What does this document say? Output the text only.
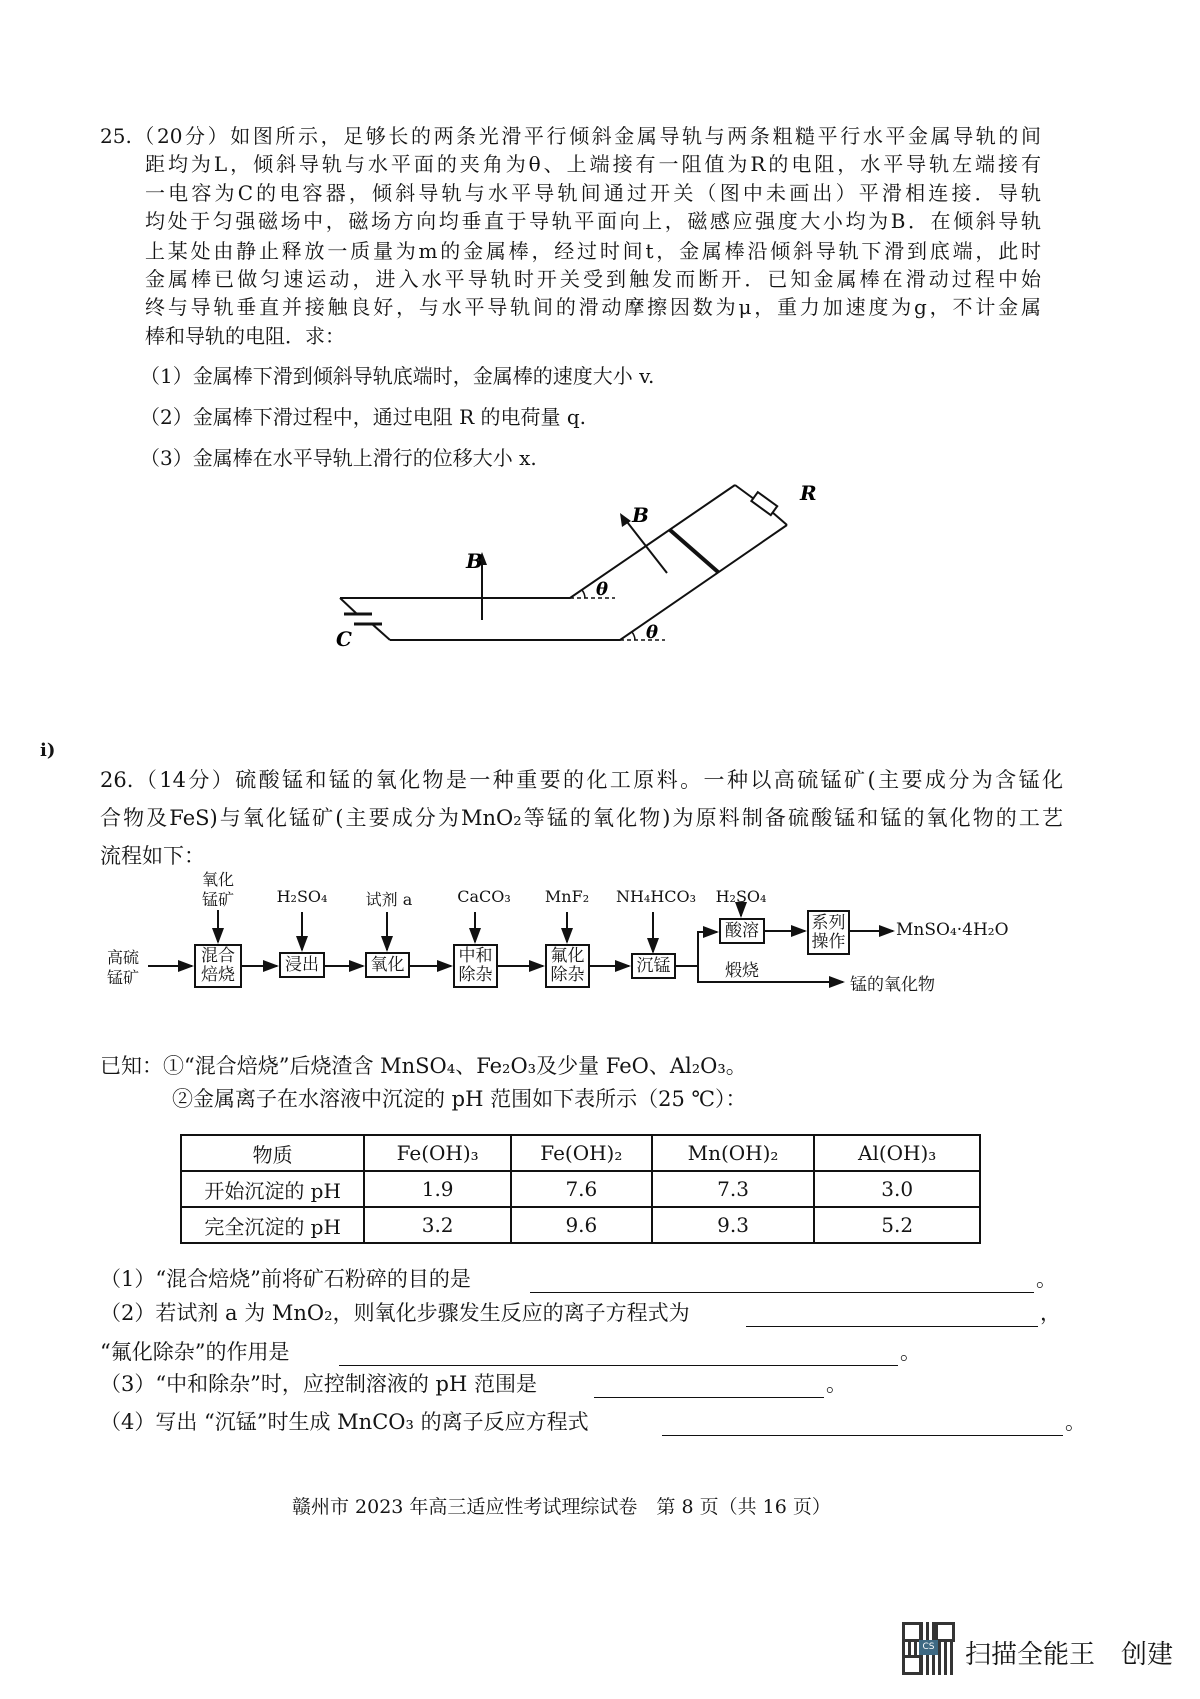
25.（20分）如图所示，足够长的两条光滑平行倾斜金属导轨与两条粗糙平行水平金属导轨的间
距均为L，倾斜导轨与水平面的夹角为θ、上端接有一阻值为R的电阻，水平导轨左端接有
一电容为C的电容器，倾斜导轨与水平导轨间通过开关（图中未画出）平滑相连接．导轨
均处于匀强磁场中，磁场方向均垂直于导轨平面向上，磁感应强度大小均为B．在倾斜导轨
上某处由静止释放一质量为m的金属棒，经过时间t，金属棒沿倾斜导轨下滑到底端，此时
金属棒已做匀速运动，进入水平导轨时开关受到触发而断开．已知金属棒在滑动过程中始
终与导轨垂直并接触良好，与水平导轨间的滑动摩擦因数为μ，重力加速度为g，不计金属
棒和导轨的电阻．求：
（1）金属棒下滑到倾斜导轨底端时，金属棒的速度大小 v.
（2）金属棒下滑过程中，通过电阻 R 的电荷量 q.
（3）金属棒在水平导轨上滑行的位移大小 x.
B
B
R
C
θ
θ
ⅰ)
26.（14分）硫酸锰和锰的氧化物是一种重要的化工原料。一种以高硫锰矿(主要成分为含锰化
合物及FeS)与氧化锰矿(主要成分为MnO₂等锰的氧化物)为原料制备硫酸锰和锰的氧化物的工艺
流程如下：
高硫
锰矿
氧化
锰矿	H₂SO₄ 试剂 a	CaCO₃ MnF₂ NH₄HCO₃ H₂SO₄
混合
焙烧
浸出	氧化	中和
除杂
氟化
除杂	沉锰
酸溶	系列
操作
MnSO₄·4H₂O
煅烧
锰的氧化物
已知：①“混合焙烧”后烧渣含 MnSO₄、Fe₂O₃及少量 FeO、Al₂O₃。
②金属离子在水溶液中沉淀的 pH 范围如下表所示（25 ℃）：
物质	Fe(OH)₃	Fe(OH)₂	Mn(OH)₂	Al(OH)₃
开始沉淀的 pH	1.9	7.6	7.3	3.0
完全沉淀的 pH	3.2	9.6	9.3	5.2
（1）“混合焙烧”前将矿石粉碎的目的是	。
（2）若试剂 a 为 MnO₂，则氧化步骤发生反应的离子方程式为	，
“氟化除杂”的作用是	。
（3）“中和除杂”时，应控制溶液的 pH 范围是	。
（4）写出 “沉锰”时生成 MnCO₃ 的离子反应方程式	。
赣州市 2023 年高三适应性考试理综试卷　第 8 页（共 16 页）
CS 扫描全能王　创建
